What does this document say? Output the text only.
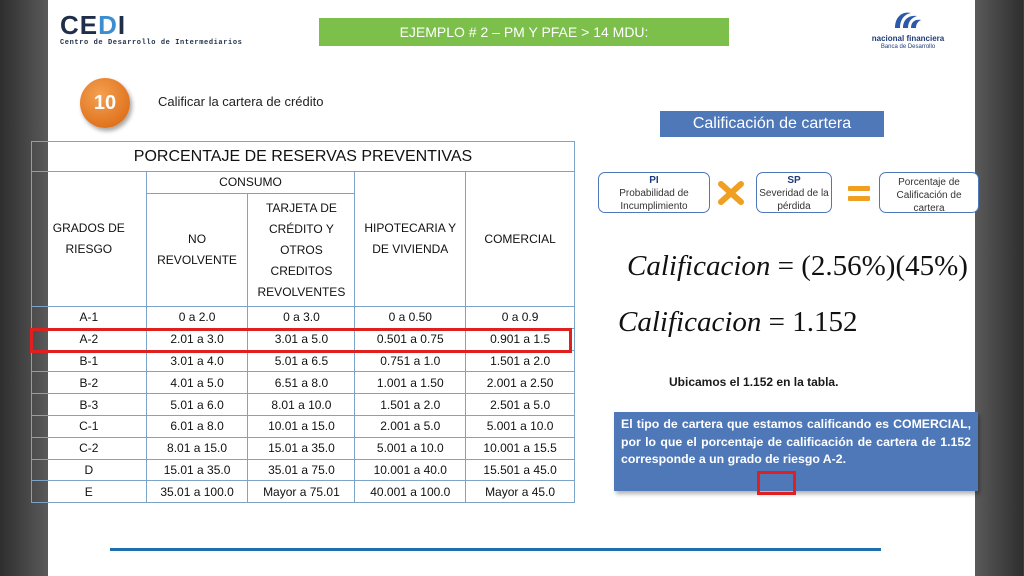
CEDI
Centro de Desarrollo de Intermediarios
EJEMPLO # 2 – PM Y PFAE > 14 MDU:	nacional financiera
Banca de Desarrollo
10	Calificar la cartera de crédito
PORCENTAJE DE RESERVAS PREVENTIVAS				
GRADOS DE RIESGO	CONSUMO		HIPOTECARIA Y DE VIVIENDA	COMERCIAL
	NO REVOLVENTE	TARJETA DE CRÉDITO Y OTROS CREDITOS REVOLVENTES		
A-1	0 a 2.0	0 a 3.0	0 a 0.50	0 a 0.9
A-2	2.01 a 3.0	3.01 a 5.0	0.501 a 0.75	0.901 a 1.5
B-1	3.01 a 4.0	5.01 a 6.5	0.751 a 1.0	1.501 a 2.0
B-2	4.01 a 5.0	6.51 a 8.0	1.001 a 1.50	2.001 a 2.50
B-3	5.01 a 6.0	8.01 a 10.0	1.501 a 2.0	2.501 a 5.0
C-1	6.01 a 8.0	10.01 a 15.0	2.001 a 5.0	5.001 a 10.0
C-2	8.01 a 15.0	15.01 a 35.0	5.001 a 10.0	10.001 a 15.5
D	15.01 a 35.0	35.01 a 75.0	10.001 a 40.0	15.501 a 45.0
E	35.01 a 100.0	Mayor a 75.01	40.001 a 100.0	Mayor a 45.0
Calificación de cartera
PI
Probabilidad de Incumplimiento
SP
Severidad de la pérdida
Porcentaje de Calificación de cartera
Calificacion = (2.56%)(45%)
Calificacion = 1.152
Ubicamos el 1.152 en la tabla.
El tipo de cartera que estamos calificando es COMERCIAL, por lo que el porcentaje de calificación de cartera de 1.152 corresponde a un grado de riesgo A-2.
